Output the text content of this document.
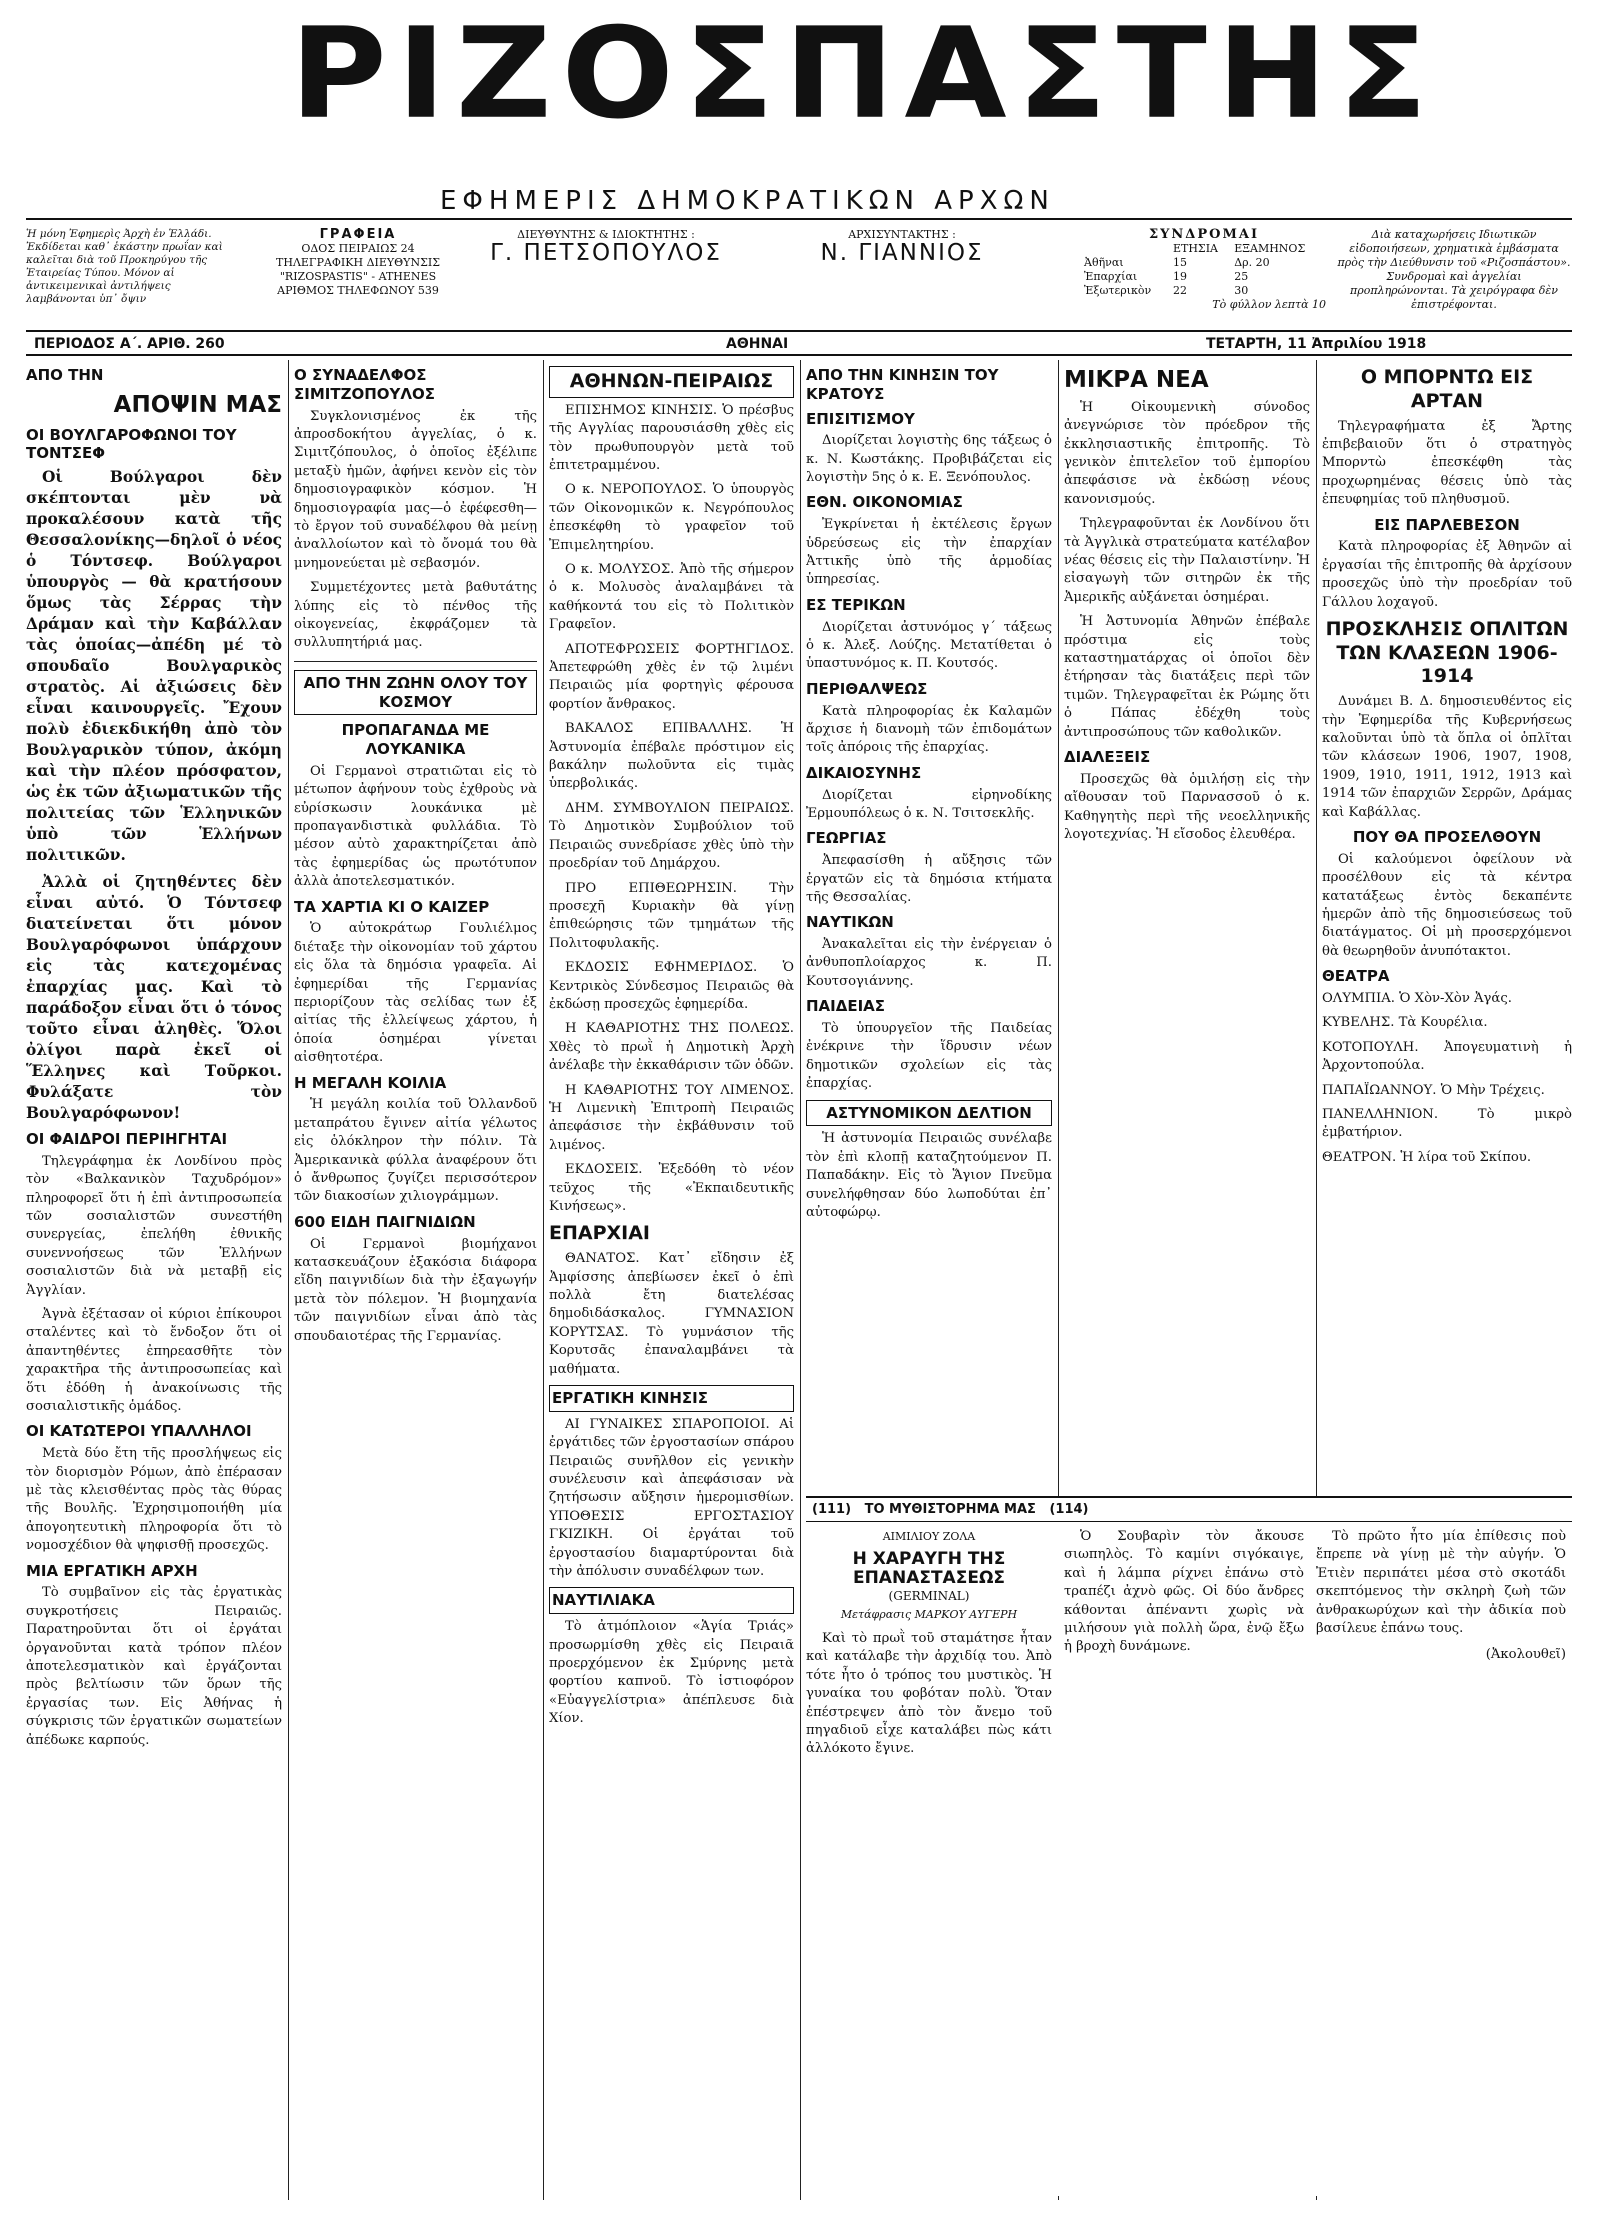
ΡΙΖΟΣΠΑΣΤΗΣ
ΕΦΗΜΕΡΙΣ ΔΗΜΟΚΡΑΤΙΚΩΝ ΑΡΧΩΝ
Ἡ μόνη Ἐφημερὶς Ἀρχὴ ἐν Ἑλλάδι. Ἐκδίδεται καθ᾽ ἑκάστην πρωΐαν καὶ καλεῖται διὰ τοῦ Προκηρύγου τῆς Ἐταιρείας Τύπου. Μόνον αἱ ἀντικειμενικαὶ ἀντιλήψεις λαμβάνονται ὑπ᾽ ὄψιν
ΓΡΑΦΕΙΑ
ΟΔΟΣ ΠΕΙΡΑΙΩΣ 24
ΤΗΛΕΓΡΑΦΙΚΗ ΔΙΕΥΘΥΝΣΙΣ
"RIZOSPASTIS" - ATHENES
ΑΡΙΘΜΟΣ ΤΗΛΕΦΩΝΟΥ 539
ΔΙΕΥΘΥΝΤΗΣ & ΙΔΙΟΚΤΗΤΗΣ :
Γ. ΠΕΤΣΟΠΟΥΛΟΣ
ΑΡΧΙΣΥΝΤΑΚΤΗΣ :
Ν. ΓΙΑΝΝΙΟΣ
ΣΥΝΔΡΟΜΑΙ
	ΕΤΗΣΙΑ	ΕΞΑΜΗΝΟΣ
Ἀθῆναι	15	Δρ. 20
Ἐπαρχίαι	19	25
Ἐξωτερικὸν	22	30
Τὸ φύλλον λεπτὰ 10
Διὰ καταχωρήσεις Ιδιωτικῶν εἰδοποιήσεων, χρηματικὰ ἐμβάσματα πρὸς τὴν Διεύθυνσιν τοῦ «Ριζοσπάστου». Συνδρομαὶ καὶ ἀγγελίαι προπληρώνονται. Τὰ χειρόγραφα δὲν ἐπιστρέφονται.
ΠΕΡΙΟΔΟΣ Α΄. ΑΡΙΘ. 260	ΑΘΗΝΑΙ	ΤΕΤΑΡΤΗ, 11 Ἀπριλίου 1918
ΑΠΟ ΤΗΝ
ΑΠΟΨΙΝ ΜΑΣ
ΟΙ ΒΟΥΛΓΑΡΟΦΩΝΟΙ ΤΟΥ ΤΟΝΤΣΕΦ
Οἱ Βούλγαροι δὲν σκέπτονται μὲν νὰ προκαλέσουν κατὰ τῆς Θεσσαλονίκης—δηλοῖ ὁ νέος ὁ Τόντσεφ. Βούλγαροι ὑπουργὸς — θὰ κρατήσουν ὅμως τὰς Σέρρας τὴν Δράμαν καὶ τὴν Καβάλλαν τὰς ὁποίας—ἀπέδη μέ τὸ σπουδαῖο Βουλγαρικὸς στρατὸς. Αἱ ἀξιώσεις δὲν εἶναι καινουργεῖς. Ἔχουν πολὺ ἐδιεκδικήθη ἀπὸ τὸν Βουλγαρικὸν τύπον, ἀκόμη καὶ τὴν πλέον πρόσφατον, ὡς ἐκ τῶν ἀξιωματικῶν τῆς πολιτείας τῶν Ἑλληνικῶν ὑπὸ τῶν Ἑλλήνων πολιτικῶν.
Ἀλλὰ οἱ ζητηθέντες δὲν εἶναι αὐτό. Ὁ Τόντσεφ διατείνεται ὅτι μόνον Βουλγαρόφωνοι ὑπάρχουν εἰς τὰς κατεχομένας ἐπαρχίας μας. Καὶ τὸ παράδοξον εἶναι ὅτι ὁ τόνος τοῦτο εἶναι ἀληθὲς. Ὅλοι ὀλίγοι παρὰ ἐκεῖ οἱ Ἕλληνες καὶ Τοῦρκοι. Φυλάξατε τὸν Βουλγαρόφωνον!
ΟΙ ΦΑΙΔΡΟΙ ΠΕΡΙΗΓΗΤΑΙ
Τηλεγράφημα ἐκ Λονδίνου πρὸς τὸν «Βαλκανικὸν Ταχυδρόμον» πληροφορεῖ ὅτι ἡ ἐπὶ ἀντιπροσωπεία τῶν σοσιαλιστῶν συνεστήθη συνεργείας, ἐπελήθη ἐθνικῆς συνεννοήσεως τῶν Ἑλλήνων σοσιαλιστῶν διὰ νὰ μεταβῇ εἰς Ἀγγλίαν.
Ἀγνὰ ἐξέτασαν οἱ κύριοι ἐπίκουροι σταλέντες καὶ τὸ ἔνδοξον ὅτι οἱ ἀπαντηθέντες ἐπηρεασθῆτε τὸν χαρακτῆρα τῆς ἀντιπροσωπείας καὶ ὅτι ἐδόθη ἡ ἀνακοίνωσις τῆς σοσιαλιστικῆς ὁμάδος.
ΟΙ ΚΑΤΩΤΕΡΟΙ ΥΠΑΛΛΗΛΟΙ
Μετὰ δύο ἔτη τῆς προσλήψεως εἰς τὸν διορισμὸν Ρόμων, ἀπὸ ἐπέρασαν μὲ τὰς κλεισθέντας πρὸς τὰς θύρας τῆς Βουλῆς. Ἐχρησιμοποιήθη μία ἀπογοητευτικὴ πληροφορία ὅτι τὸ νομοσχέδιον θὰ ψηφισθῇ προσεχῶς.
ΜΙΑ ΕΡΓΑΤΙΚΗ ΑΡΧΗ
Τὸ συμβαῖνον εἰς τὰς ἐργατικὰς συγκροτήσεις Πειραιῶς. Παρατηροῦνται ὅτι οἱ ἐργάται ὀργανοῦνται κατὰ τρόπον πλέον ἀποτελεσματικὸν καὶ ἐργάζονται πρὸς βελτίωσιν τῶν ὅρων τῆς ἐργασίας των. Εἰς Ἀθήνας ἡ σύγκρισις τῶν ἐργατικῶν σωματείων ἀπέδωκε καρπούς.
Ο ΣΥΝΑΔΕΛΦΟΣ ΣΙΜΙΤΖΟΠΟΥΛΟΣ
Συγκλονισμένος ἐκ τῆς ἀπροσδοκήτου ἀγγελίας, ὁ κ. Σιμιτζόπουλος, ὁ ὁποῖος ἐξέλιπε μεταξὺ ἡμῶν, ἀφήνει κενὸν εἰς τὸν δημοσιογραφικὸν κόσμον. Ἡ δημοσιογραφία μας—ὁ ἐφέφεσθη—τὸ ἔργον τοῦ συναδέλφου θὰ μείνῃ ἀναλλοίωτον καὶ τὸ ὄνομά του θὰ μνημονεύεται μὲ σεβασμόν.
Συμμετέχοντες μετὰ βαθυτάτης λύπης εἰς τὸ πένθος τῆς οἰκογενείας, ἐκφράζομεν τὰ συλλυπητήριά μας.
ΑΠΟ ΤΗΝ ΖΩΗΝ ΟΛΟΥ ΤΟΥ ΚΟΣΜΟΥ
ΠΡΟΠΑΓΑΝΔΑ ΜΕ ΛΟΥΚΑΝΙΚΑ
Οἱ Γερμανοὶ στρατιῶται εἰς τὸ μέτωπον ἀφήνουν τοὺς ἐχθροὺς νὰ εὐρίσκωσιν λουκάνικα μὲ προπαγανδιστικὰ φυλλάδια. Τὸ μέσον αὐτὸ χαρακτηρίζεται ἀπὸ τὰς ἐφημερίδας ὡς πρωτότυπον ἀλλὰ ἀποτελεσματικόν.
ΤΑ ΧΑΡΤΙΑ ΚΙ Ο ΚΑΙΖΕΡ
Ὁ αὐτοκράτωρ Γουλιέλμος διέταξε τὴν οἰκονομίαν τοῦ χάρτου εἰς ὅλα τὰ δημόσια γραφεῖα. Αἱ ἐφημερίδαι τῆς Γερμανίας περιορίζουν τὰς σελίδας των ἐξ αἰτίας τῆς ἐλλείψεως χάρτου, ἡ ὁποία ὁσημέραι γίνεται αἰσθητοτέρα.
Η ΜΕΓΑΛΗ ΚΟΙΛΙΑ
Ἡ μεγάλη κοιλία τοῦ Ὀλλανδοῦ μεταπράτου ἔγινεν αἰτία γέλωτος εἰς ὁλόκληρον τὴν πόλιν. Τὰ Ἀμερικανικὰ φύλλα ἀναφέρουν ὅτι ὁ ἄνθρωπος ζυγίζει περισσότερον τῶν διακοσίων χιλιογράμμων.
600 ΕΙΔΗ ΠΑΙΓΝΙΔΙΩΝ
Οἱ Γερμανοὶ βιομήχανοι κατασκευάζουν ἑξακόσια διάφορα εἴδη παιγνιδίων διὰ τὴν ἐξαγωγήν μετὰ τὸν πόλεμον. Ἡ βιομηχανία τῶν παιγνιδίων εἶναι ἀπὸ τὰς σπουδαιοτέρας τῆς Γερμανίας.
ΑΘΗΝΩΝ-ΠΕΙΡΑΙΩΣ
ΕΠΙΣΗΜΟΣ ΚΙΝΗΣΙΣ. Ὁ πρέσβυς τῆς Αγγλίας παρουσιάσθη χθὲς εἰς τὸν πρωθυπουργὸν μετὰ τοῦ ἐπιτετραμμένου.
Ο κ. ΝΕΡΟΠΟΥΛΟΣ. Ὁ ὑπουργὸς τῶν Οἰκονομικῶν κ. Νεγρόπουλος ἐπεσκέφθη τὸ γραφεῖον τοῦ Ἐπιμελητηρίου.
Ο κ. ΜΟΛΥΣΟΣ. Ἀπὸ τῆς σήμερον ὁ κ. Μολυσὸς ἀναλαμβάνει τὰ καθήκοντά του εἰς τὸ Πολιτικὸν Γραφεῖον.
ΑΠΟΤΕΦΡΩΣΕΙΣ ΦΟΡΤΗΓΙΔΟΣ. Ἀπετεφρώθη χθὲς ἐν τῷ λιμένι Πειραιῶς μία φορτηγὶς φέρουσα φορτίον ἄνθρακος.
ΒΑΚΑΛΟΣ ΕΠΙΒΑΛΛΗΣ. Ἡ Ἀστυνομία ἐπέβαλε πρόστιμον εἰς βακάλην πωλοῦντα εἰς τιμὰς ὑπερβολικάς.
ΔΗΜ. ΣΥΜΒΟΥΛΙΟΝ ΠΕΙΡΑΙΩΣ. Τὸ Δημοτικὸν Συμβούλιον τοῦ Πειραιῶς συνεδρίασε χθὲς ὑπὸ τὴν προεδρίαν τοῦ Δημάρχου.
ΠΡΟ ΕΠΙΘΕΩΡΗΣΙΝ. Τὴν προσεχῆ Κυριακὴν θὰ γίνῃ ἐπιθεώρησις τῶν τμημάτων τῆς Πολιτοφυλακῆς.
ΕΚΔΟΣΙΣ ΕΦΗΜΕΡΙΔΟΣ. Ὁ Κεντρικὸς Σύνδεσμος Πειραιῶς θὰ ἐκδώσῃ προσεχῶς ἐφημερίδα.
Η ΚΑΘΑΡΙΟΤΗΣ ΤΗΣ ΠΟΛΕΩΣ. Χθὲς τὸ πρωῒ ἡ Δημοτικὴ Ἀρχὴ ἀνέλαβε τὴν ἐκκαθάρισιν τῶν ὁδῶν.
Η ΚΑΘΑΡΙΟΤΗΣ ΤΟΥ ΛΙΜΕΝΟΣ. Ἡ Λιμενικὴ Ἐπιτροπὴ Πειραιῶς ἀπεφάσισε τὴν ἐκβάθυνσιν τοῦ λιμένος.
ΕΚΔΟΣΕΙΣ. Ἐξεδόθη τὸ νέον τεῦχος τῆς «Ἐκπαιδευτικῆς Κινήσεως».
ΕΠΑΡΧΙΑΙ
ΘΑΝΑΤΟΣ. Κατ᾽ εἴδησιν ἐξ Ἀμφίσσης ἀπεβίωσεν ἐκεῖ ὁ ἐπὶ πολλὰ ἔτη διατελέσας δημοδιδάσκαλος. ΓΥΜΝΑΣΙΟΝ ΚΟΡΥΤΣΑΣ. Τὸ γυμνάσιον τῆς Κορυτσᾶς ἐπαναλαμβάνει τὰ μαθήματα.
ΕΡΓΑΤΙΚΗ ΚΙΝΗΣΙΣ
ΑΙ ΓΥΝΑΙΚΕΣ ΣΠΑΡΟΠΟΙΟΙ. Αἱ ἐργάτιδες τῶν ἐργοστασίων σπάρου Πειραιῶς συνῆλθον εἰς γενικὴν συνέλευσιν καὶ ἀπεφάσισαν νὰ ζητήσωσιν αὔξησιν ἡμερομισθίων. ΥΠΟΘΕΣΙΣ ΕΡΓΟΣΤΑΣΙΟΥ ΓΚΙΖΙΚΗ. Οἱ ἐργάται τοῦ ἐργοστασίου διαμαρτύρονται διὰ τὴν ἀπόλυσιν συναδέλφων των.
ΝΑΥΤΙΛΙΑΚΑ
Τὸ ἀτμόπλοιον «Ἁγία Τριάς» προσωρμίσθη χθὲς εἰς Πειραιᾶ προερχόμενον ἐκ Σμύρνης μετὰ φορτίου καπνοῦ. Τὸ ἱστιοφόρον «Εὐαγγελίστρια» ἀπέπλευσε διὰ Χίον.
ΑΠΟ ΤΗΝ ΚΙΝΗΣΙΝ ΤΟΥ ΚΡΑΤΟΥΣ
ΕΠΙΣΙΤΙΣΜΟΥ
Διορίζεται λογιστὴς 6ης τάξεως ὁ κ. Ν. Κωστάκης. Προβιβάζεται εἰς λογιστὴν 5ης ὁ κ. Ε. Ξενόπουλος.
ΕΘΝ. ΟΙΚΟΝΟΜΙΑΣ
Ἐγκρίνεται ἡ ἐκτέλεσις ἔργων ὑδρεύσεως εἰς τὴν ἐπαρχίαν Ἀττικῆς ὑπὸ τῆς ἁρμοδίας ὑπηρεσίας.
ΕΣ ΤΕΡΙΚΩΝ
Διορίζεται ἀστυνόμος γ΄ τάξεως ὁ κ. Ἀλεξ. Λούζης. Μετατίθεται ὁ ὑπαστυνόμος κ. Π. Κουτσός.
ΠΕΡΙΘΑΛΨΕΩΣ
Κατὰ πληροφορίας ἐκ Καλαμῶν ἄρχισε ἡ διανομὴ τῶν ἐπιδομάτων τοῖς ἀπόροις τῆς ἐπαρχίας.
ΔΙΚΑΙΟΣΥΝΗΣ
Διορίζεται εἰρηνοδίκης Ἐρμουπόλεως ὁ κ. Ν. Τσιτσεκλῆς.
ΓΕΩΡΓΙΑΣ
Ἀπεφασίσθη ἡ αὔξησις τῶν ἐργατῶν εἰς τὰ δημόσια κτήματα τῆς Θεσσαλίας.
ΝΑΥΤΙΚΩΝ
Ἀνακαλεῖται εἰς τὴν ἐνέργειαν ὁ ἀνθυποπλοίαρχος κ. Π. Κουτσογιάννης.
ΠΑΙΔΕΙΑΣ
Τὸ ὑπουργεῖον τῆς Παιδείας ἐνέκρινε τὴν ἵδρυσιν νέων δημοτικῶν σχολείων εἰς τὰς ἐπαρχίας.
ΑΣΤΥΝΟΜΙΚΟΝ ΔΕΛΤΙΟΝ
Ἡ ἀστυνομία Πειραιῶς συνέλαβε τὸν ἐπὶ κλοπῇ καταζητούμενον Π. Παπαδάκην. Εἰς τὸ Ἅγιον Πνεῦμα συνελήφθησαν δύο λωποδύται ἐπ᾽ αὐτοφώρῳ.
ΜΙΚΡΑ ΝΕΑ
Ἡ Οἰκουμενικὴ σύνοδος ἀνεγνώρισε τὸν πρόεδρον τῆς ἐκκλησιαστικῆς ἐπιτροπῆς. Τὸ γενικὸν ἐπιτελεῖον τοῦ ἐμπορίου ἀπεφάσισε νὰ ἐκδώσῃ νέους κανονισμούς.
Τηλεγραφοῦνται ἐκ Λονδίνου ὅτι τὰ Ἀγγλικὰ στρατεύματα κατέλαβον νέας θέσεις εἰς τὴν Παλαιστίνην. Ἡ εἰσαγωγὴ τῶν σιτηρῶν ἐκ τῆς Ἀμερικῆς αὐξάνεται ὁσημέραι.
Ἡ Ἀστυνομία Ἀθηνῶν ἐπέβαλε πρόστιμα εἰς τοὺς καταστηματάρχας οἱ ὁποῖοι δὲν ἐτήρησαν τὰς διατάξεις περὶ τῶν τιμῶν. Τηλεγραφεῖται ἐκ Ρώμης ὅτι ὁ Πάπας ἐδέχθη τοὺς ἀντιπροσώπους τῶν καθολικῶν.
ΔΙΑΛΕΞΕΙΣ
Προσεχῶς θὰ ὁμιλήσῃ εἰς τὴν αἴθουσαν τοῦ Παρνασσοῦ ὁ κ. Καθηγητὴς περὶ τῆς νεοελληνικῆς λογοτεχνίας. Ἡ εἴσοδος ἐλευθέρα.
Ο ΜΠΟΡΝΤΩ ΕΙΣ ΑΡΤΑΝ
Τηλεγραφήματα ἐξ Ἄρτης ἐπιβεβαιοῦν ὅτι ὁ στρατηγὸς Μπορντὼ ἐπεσκέφθη τὰς προχωρημένας θέσεις ὑπὸ τὰς ἐπευφημίας τοῦ πληθυσμοῦ.
ΕΙΣ ΠΑΡΛΕΒΕΣΟΝ
Κατὰ πληροφορίας ἐξ Ἀθηνῶν αἱ ἐργασίαι τῆς ἐπιτροπῆς θὰ ἀρχίσουν προσεχῶς ὑπὸ τὴν προεδρίαν τοῦ Γάλλου λοχαγοῦ.
ΠΡΟΣΚΛΗΣΙΣ ΟΠΛΙΤΩΝ ΤΩΝ ΚΛΑΣΕΩΝ 1906-1914
Δυνάμει Β. Δ. δημοσιευθέντος εἰς τὴν Ἐφημερίδα τῆς Κυβερνήσεως καλοῦνται ὑπὸ τὰ ὅπλα οἱ ὁπλῖται τῶν κλάσεων 1906, 1907, 1908, 1909, 1910, 1911, 1912, 1913 καὶ 1914 τῶν ἐπαρχιῶν Σερρῶν, Δράμας καὶ Καβάλλας.
ΠΟΥ ΘΑ ΠΡΟΣΕΛΘΟΥΝ
Οἱ καλούμενοι ὀφείλουν νὰ προσέλθουν εἰς τὰ κέντρα κατατάξεως ἐντὸς δεκαπέντε ἡμερῶν ἀπὸ τῆς δημοσιεύσεως τοῦ διατάγματος. Οἱ μὴ προσερχόμενοι θὰ θεωρηθοῦν ἀνυπότακτοι.
ΘΕΑΤΡΑ
ΟΛΥΜΠΙΑ. Ὁ Χὸν-Χὸν Ἀγάς.
ΚΥΒΕΛΗΣ. Τὰ Κουρέλια.
ΚΟΤΟΠΟΥΛΗ. Ἀπογευματινὴ ἡ Ἀρχοντοπούλα.
ΠΑΠΑΪΩΑΝΝΟΥ. Ὁ Μὴν Τρέχεις.
ΠΑΝΕΛΛΗΝΙΟΝ. Τὸ μικρὸ ἐμβατήριον.
ΘΕΑΤΡΟΝ. Ἡ λίρα τοῦ Σκίπου.
(111) ΤΟ ΜΥΘΙΣΤΟΡΗΜΑ ΜΑΣ (114)
ΑΙΜΙΛΙΟΥ ΖΟΛΑ
Η ΧΑΡΑΥΓΗ ΤΗΣ ΕΠΑΝΑΣΤΑΣΕΩΣ
(GERMINAL)
Μετάφρασις ΜΑΡΚΟΥ ΑΥΓΕΡΗ
Καὶ τὸ πρωῒ τοῦ σταμάτησε ἦταν καὶ κατάλαβε τὴν ἀρχιδίᾳ του. Ἀπὸ τότε ἦτο ὁ τρόπος του μυστικὸς. Ἡ γυναίκα του φοβόταν πολὺ. Ὅταν ἐπέστρεψεν ἀπὸ τὸν ἄνεμο τοῦ πηγαδιοῦ εἶχε καταλάβει πὼς κάτι ἀλλόκοτο ἔγινε.
Ὁ Σουβαρὶν τὸν ἄκουσε σιωπηλὸς. Τὸ καμίνι σιγόκαιγε, καὶ ἡ λάμπα ρίχνει ἐπάνω στὸ τραπέζι ἀχνὸ φῶς. Οἱ δύο ἄνδρες κάθονται ἀπέναντι χωρὶς νὰ μιλήσουν γιὰ πολλὴ ὥρα, ἐνῷ ἔξω ἡ βροχὴ δυνάμωνε.
Τὸ πρῶτο ἦτο μία ἐπίθεσις ποὺ ἔπρεπε νὰ γίνῃ μὲ τὴν αὐγήν. Ὁ Ἐτιὲν περιπάτει μέσα στὸ σκοτάδι σκεπτόμενος τὴν σκληρὴ ζωὴ τῶν ἀνθρακωρύχων καὶ τὴν ἀδικία ποὺ βασίλευε ἐπάνω τους.
(Ἀκολουθεῖ)
